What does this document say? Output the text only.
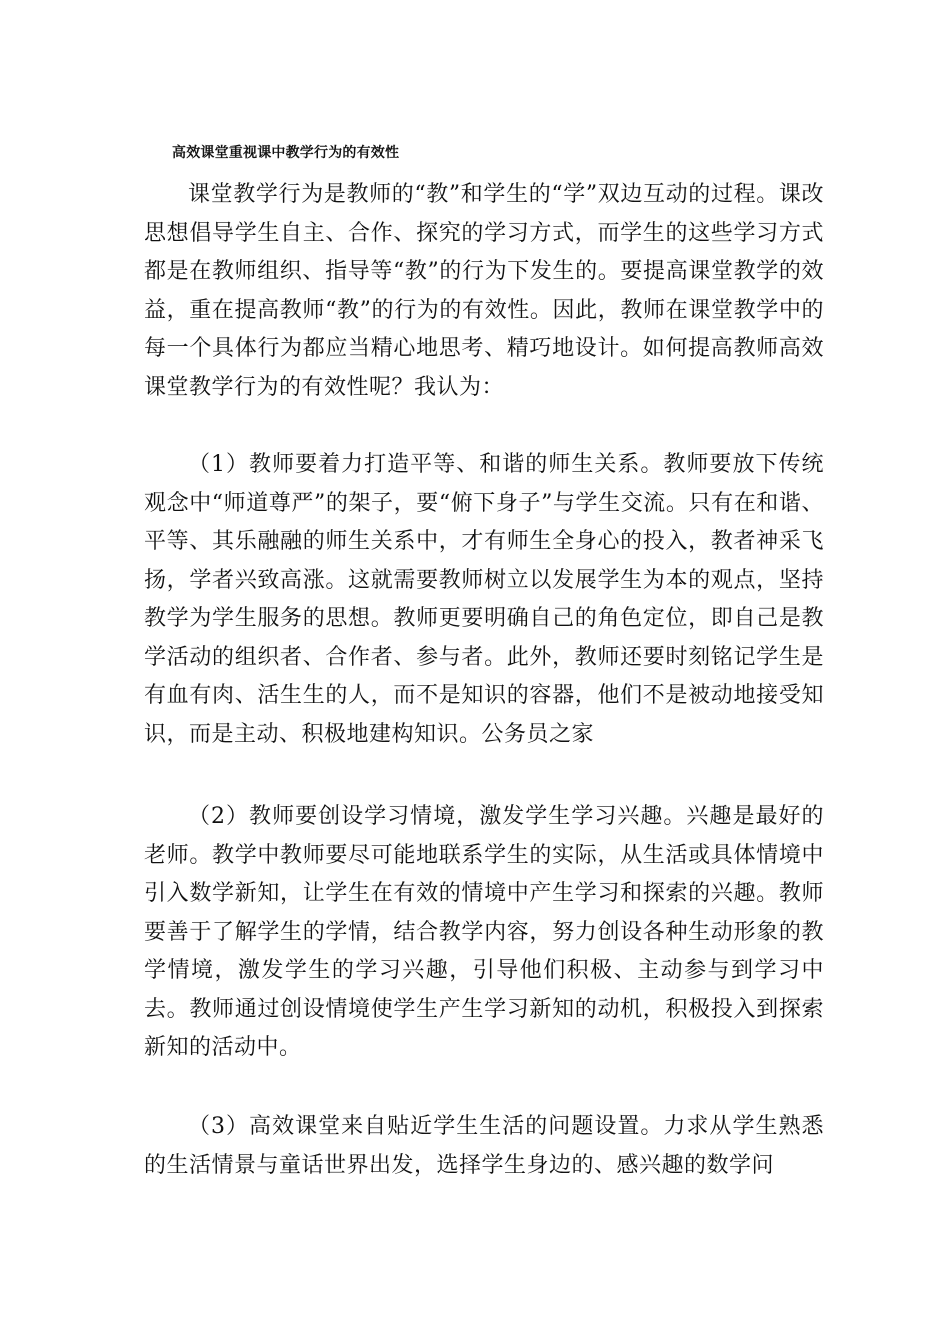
高效课堂重视课中教学行为的有效性

课堂教学行为是教师的“教”和学生的“学”双边互动的过程。课改思想倡导学生自主、合作、探究的学习方式，而学生的这些学习方式都是在教师组织、指导等“教”的行为下发生的。要提高课堂教学的效益，重在提高教师“教”的行为的有效性。因此，教师在课堂教学中的每一个具体行为都应当精心地思考、精巧地设计。如何提高教师高效课堂教学行为的有效性呢？我认为：

（1）教师要着力打造平等、和谐的师生关系。教师要放下传统观念中“师道尊严”的架子，要“俯下身子”与学生交流。只有在和谐、平等、其乐融融的师生关系中，才有师生全身心的投入，教者神采飞扬，学者兴致高涨。这就需要教师树立以发展学生为本的观点，坚持教学为学生服务的思想。教师更要明确自己的角色定位，即自己是教学活动的组织者、合作者、参与者。此外，教师还要时刻铭记学生是有血有肉、活生生的人，而不是知识的容器，他们不是被动地接受知识，而是主动、积极地建构知识。公务员之家

（2）教师要创设学习情境，激发学生学习兴趣。兴趣是最好的老师。教学中教师要尽可能地联系学生的实际，从生活或具体情境中引入数学新知，让学生在有效的情境中产生学习和探索的兴趣。教师要善于了解学生的学情，结合教学内容，努力创设各种生动形象的教学情境，激发学生的学习兴趣，引导他们积极、主动参与到学习中去。教师通过创设情境使学生产生学习新知的动机，积极投入到探索新知的活动中。

（3）高效课堂来自贴近学生生活的问题设置。力求从学生熟悉的生活情景与童话世界出发，选择学生身边的、感兴趣的数学问
